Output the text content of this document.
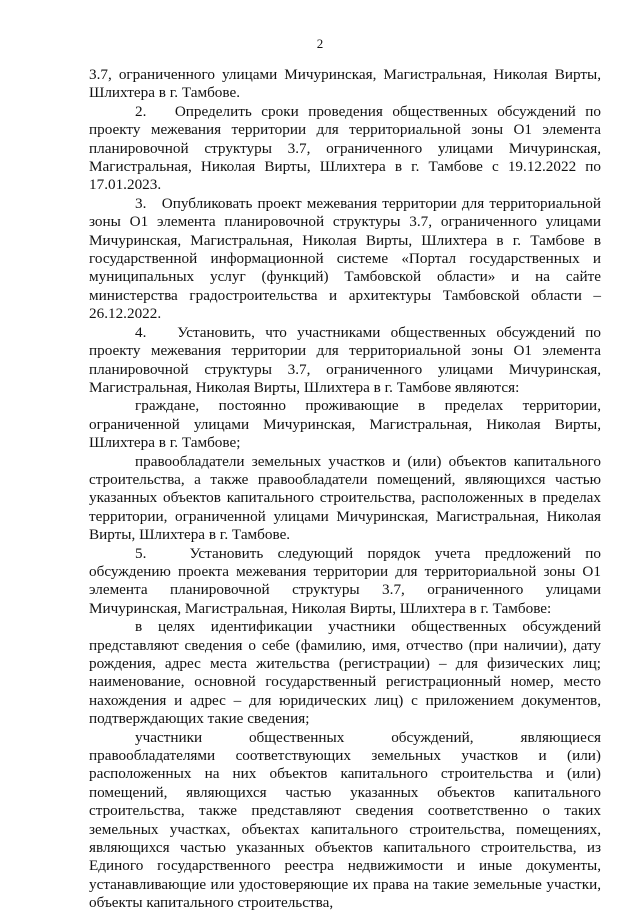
2

3.7, ограниченного улицами Мичуринская, Магистральная, Николая Вирты, Шлихтера в г. Тамбове.

2.   Определить сроки проведения общественных обсуждений по проекту межевания территории для территориальной зоны О1 элемента планировочной структуры 3.7, ограниченного улицами Мичуринская, Магистральная, Николая Вирты, Шлихтера в г. Тамбове с 19.12.2022 по 17.01.2023.

3.   Опубликовать проект межевания территории для территориальной зоны О1 элемента планировочной структуры 3.7, ограниченного улицами Мичуринская, Магистральная, Николая Вирты, Шлихтера в г. Тамбове в государственной информационной системе «Портал государственных и муниципальных услуг (функций) Тамбовской области» и на сайте министерства градостроительства и архитектуры Тамбовской области – 26.12.2022.

4.   Установить, что участниками общественных обсуждений по проекту межевания территории для территориальной зоны О1 элемента планировочной структуры 3.7, ограниченного улицами Мичуринская, Магистральная, Николая Вирты, Шлихтера в г. Тамбове являются:

граждане, постоянно проживающие в пределах территории, ограниченной улицами Мичуринская, Магистральная, Николая Вирты, Шлихтера в г. Тамбове;

правообладатели земельных участков и (или) объектов капитального строительства, а также правообладатели помещений, являющихся частью указанных объектов капитального строительства, расположенных в пределах территории, ограниченной улицами Мичуринская, Магистральная, Николая Вирты, Шлихтера в г. Тамбове.

5.   Установить следующий порядок учета предложений по обсуждению проекта межевания территории для территориальной зоны О1 элемента планировочной структуры 3.7, ограниченного улицами Мичуринская, Магистральная, Николая Вирты, Шлихтера в г. Тамбове:

в целях идентификации участники общественных обсуждений представляют сведения о себе (фамилию, имя, отчество (при наличии), дату рождения, адрес места жительства (регистрации) – для физических лиц; наименование, основной государственный регистрационный номер, место нахождения и адрес – для юридических лиц) с приложением документов, подтверждающих такие сведения;

участники общественных обсуждений, являющиеся правообладателями соответствующих земельных участков и (или) расположенных на них объектов капитального строительства и (или) помещений, являющихся частью указанных объектов капитального строительства, также представляют сведения соответственно о таких земельных участках, объектах капитального строительства, помещениях, являющихся частью указанных объектов капитального строительства, из Единого государственного реестра недвижимости и иные документы, устанавливающие или удостоверяющие их права на такие земельные участки, объекты капитального строительства,
